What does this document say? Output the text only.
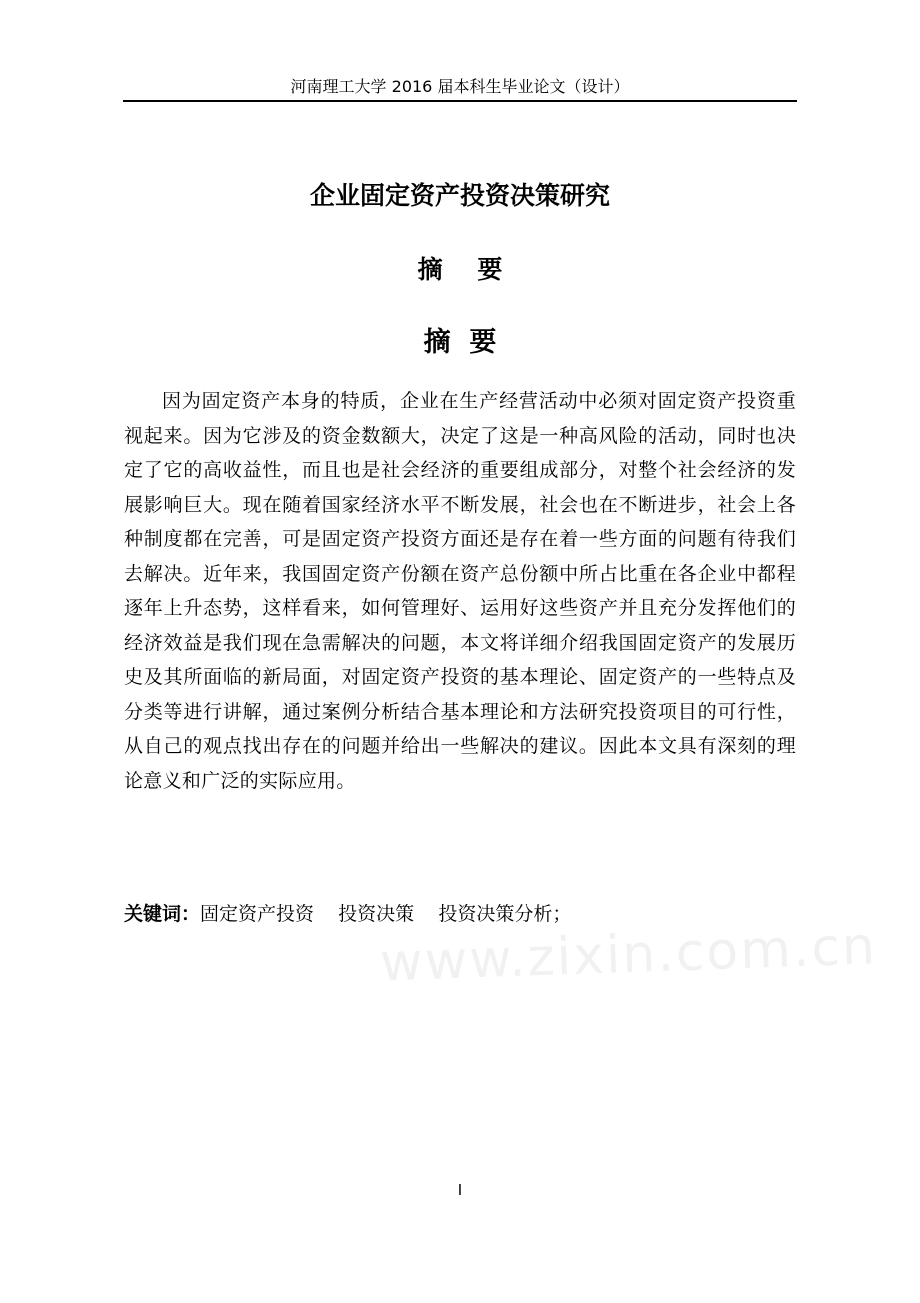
河南理工大学 2016 届本科生毕业论文（设计）
企业固定资产投资决策研究
摘    要
摘  要

因为固定资产本身的特质，企业在生产经营活动中必须对固定资产投资重视起来。因为它涉及的资金数额大，决定了这是一种高风险的活动，同时也决定了它的高收益性，而且也是社会经济的重要组成部分，对整个社会经济的发展影响巨大。现在随着国家经济水平不断发展，社会也在不断进步，社会上各种制度都在完善，可是固定资产投资方面还是存在着一些方面的问题有待我们去解决。近年来，我国固定资产份额在资产总份额中所占比重在各企业中都程逐年上升态势，这样看来，如何管理好、运用好这些资产并且充分发挥他们的经济效益是我们现在急需解决的问题，本文将详细介绍我国固定资产的发展历史及其所面临的新局面，对固定资产投资的基本理论、固定资产的一些特点及分类等进行讲解，通过案例分析结合基本理论和方法研究投资项目的可行性，从自己的观点找出存在的问题并给出一些解决的建议。因此本文具有深刻的理论意义和广泛的实际应用。

关键词：固定资产投资    投资决策    投资决策分析；
www.zixin.com.cn
I
